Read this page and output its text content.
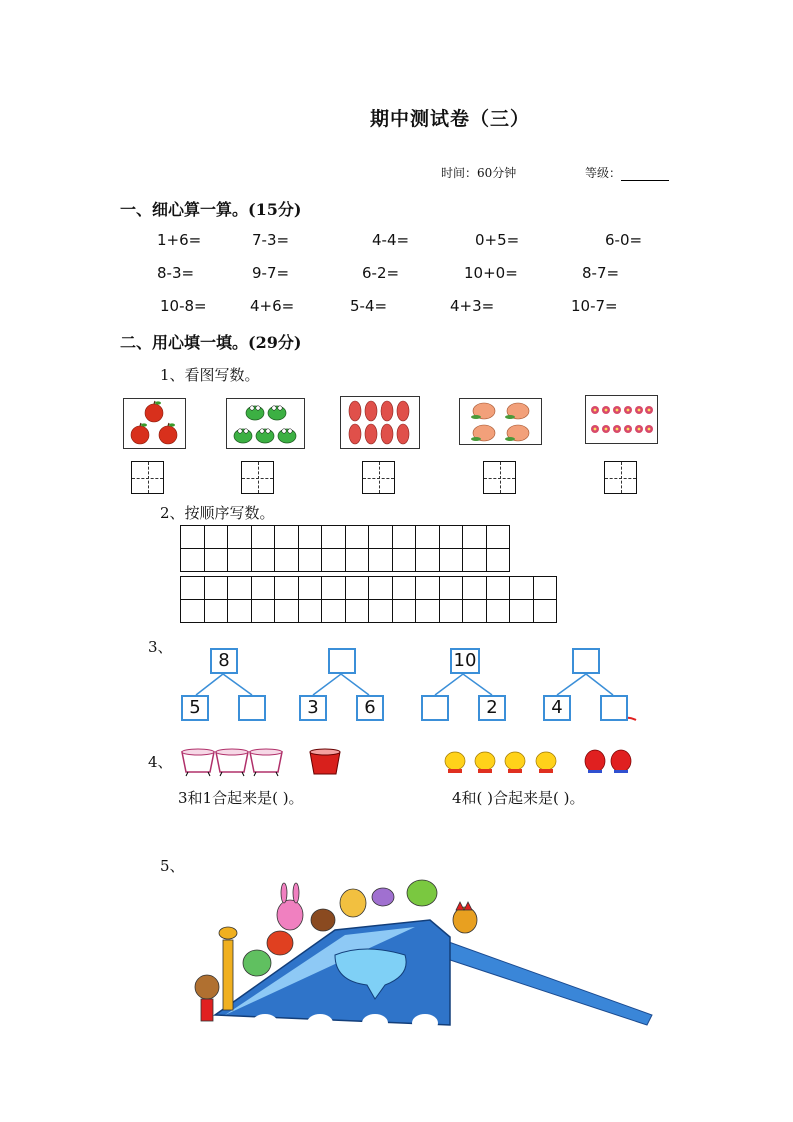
期中测试卷（三）
时间：60分钟	等级：
一、细心算一算。(15分)
1+6=	7-3=	4-4=	0+5=	6-0=
8-3=	9-7=	6-2=	10+0=	8-7=
10-8=	4+6=	5-4=	4+3=	10-7=
二、用心填一填。(29分)
1、看图写数。
2、按顺序写数。

3、
8
5	3	6
10
2	4
4、
3和1合起来是( )。	4和( )合起来是( )。
5、
